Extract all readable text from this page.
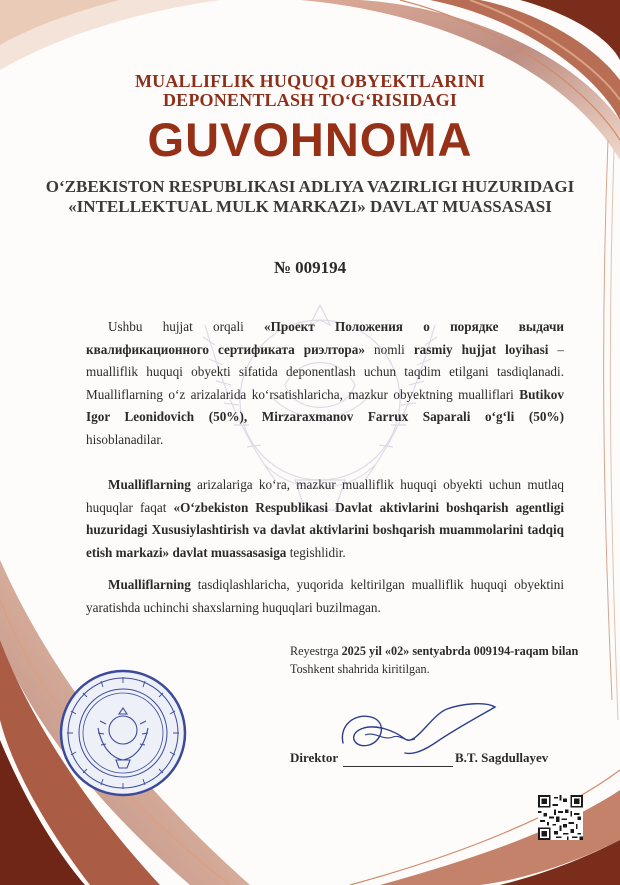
MUALLIFLIK HUQUQI OBYEKTLARINI
DEPONENTLASH TO‘G‘RISIDAGI
GUVOHNOMA
O‘ZBEKISTON RESPUBLIKASI ADLIYA VAZIRLIGI HUZURIDAGI
«INTELLEKTUAL MULK MARKAZI» DAVLAT MUASSASASI
№ 009194
Ushbu hujjat orqali «Проект Положения о порядке выдачи квалификационного сертификата риэлтора» nomli rasmiy hujjat loyihasi – mualliflik huquqi obyekti sifatida deponentlash uchun taqdim etilgani tasdiqlanadi. Mualliflarning o‘z arizalarida ko‘rsatishlaricha, mazkur obyektning mualliflari Butikov Igor Leonidovich (50%), Mirzaraxmanov Farrux Saparali o‘g‘li (50%) hisoblanadilar.
Mualliflarning arizalariga ko‘ra, mazkur mualliflik huquqi obyekti uchun mutlaq huquqlar faqat «O‘zbekiston Respublikasi Davlat aktivlarini boshqarish agentligi huzuridagi Xususiylashtirish va davlat aktivlarini boshqarish muammolarini tadqiq etish markazi» davlat muassasasiga tegishlidir.
Mualliflarning tasdiqlashlaricha, yuqorida keltirilgan mualliflik huquqi obyektini yaratishda uchinchi shaxslarning huquqlari buzilmagan.
Reyestrga 2025 yil «02» sentyabrda 009194-raqam bilan Toshkent shahrida kiritilgan.
Direktor	B.T. Sagdullayev
